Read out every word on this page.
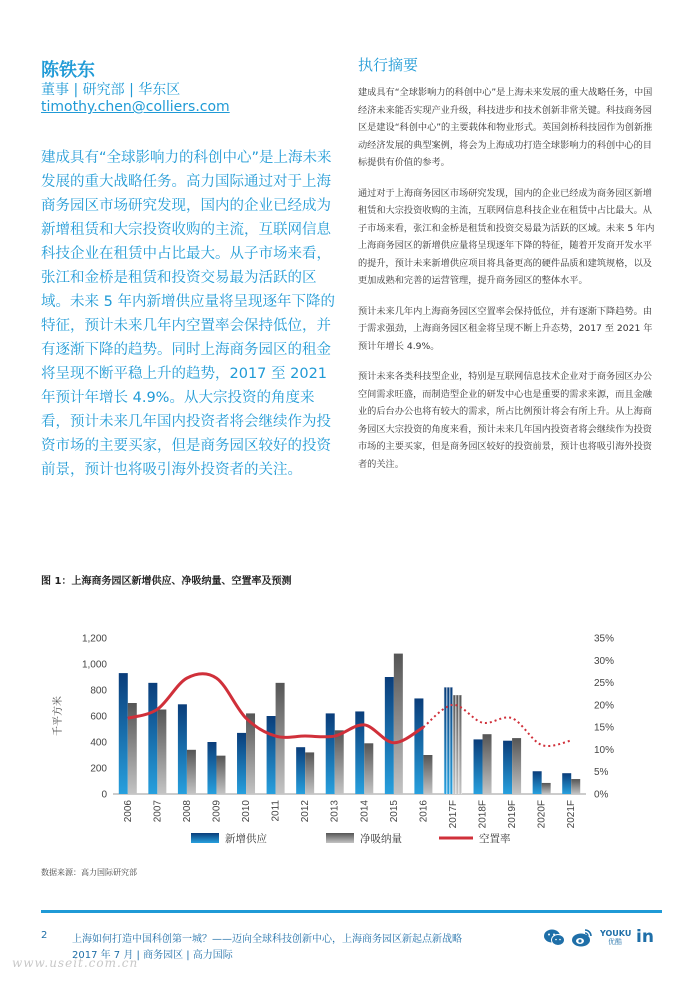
陈铁东
董事 | 研究部 | 华东区
timothy.chen@colliers.com
建成具有“全球影响力的科创中心”是上海未来发展的重大战略任务。高力国际通过对于上海商务园区市场研究发现，国内的企业已经成为新增租赁和大宗投资收购的主流，互联网信息科技企业在租赁中占比最大。从子市场来看，张江和金桥是租赁和投资交易最为活跃的区域。未来 5 年内新增供应量将呈现逐年下降的特征，预计未来几年内空置率会保持低位，并有逐渐下降的趋势。同时上海商务园区的租金将呈现不断平稳上升的趋势，2017 至 2021 年预计年增长 4.9%。从大宗投资的角度来看，预计未来几年国内投资者将会继续作为投资市场的主要买家，但是商务园区较好的投资前景，预计也将吸引海外投资者的关注。
执行摘要

建成具有“全球影响力的科创中心”是上海未来发展的重大战略任务，中国经济未来能否实现产业升级，科技进步和技术创新非常关键。科技商务园区是建设“科创中心”的主要载体和物业形式。英国剑桥科技园作为创新推动经济发展的典型案例，将会为上海成功打造全球影响力的科创中心的目标提供有价值的参考。

通过对于上海商务园区市场研究发现，国内的企业已经成为商务园区新增租赁和大宗投资收购的主流，互联网信息科技企业在租赁中占比最大。从子市场来看，张江和金桥是租赁和投资交易最为活跃的区域。未来 5 年内上海商务园区的新增供应量将呈现逐年下降的特征，随着开发商开发水平的提升，预计未来新增供应项目将具备更高的硬件品质和建筑规格，以及更加成熟和完善的运营管理，提升商务园区的整体水平。

预计未来几年内上海商务园区空置率会保持低位，并有逐渐下降趋势。由于需求强劲，上海商务园区租金将呈现不断上升态势，2017 至 2021 年预计年增长 4.9%。

预计未来各类科技型企业，特别是互联网信息技术企业对于商务园区办公空间需求旺盛，而制造型企业的研发中心也是重要的需求来源，而且金融业的后台办公也将有较大的需求，所占比例预计将会有所上升。从上海商务园区大宗投资的角度来看，预计未来几年国内投资者将会继续作为投资市场的主要买家，但是商务园区较好的投资前景，预计也将吸引海外投资者的关注。

图 1：上海商务园区新增供应、净吸纳量、空置率及预测
0
200
400
600
800
1,000
1,200
0%
5%
10%
15%
20%
25%
30%
35%
千平方米
2006 2007 2008 2009 2010 2011 2012 2013 2014 2015 2016 2017F 2018F 2019F 2020F 2021F
新增供应	净吸纳量	空置率
数据来源：高力国际研究部
2 上海如何打造中国科创第一城？——迈向全球科技创新中心，上海商务园区新起点新战略
2017 年 7 月 | 商务园区 | 高力国际
YOUKU
优酷 in
www.useit.com.cn
